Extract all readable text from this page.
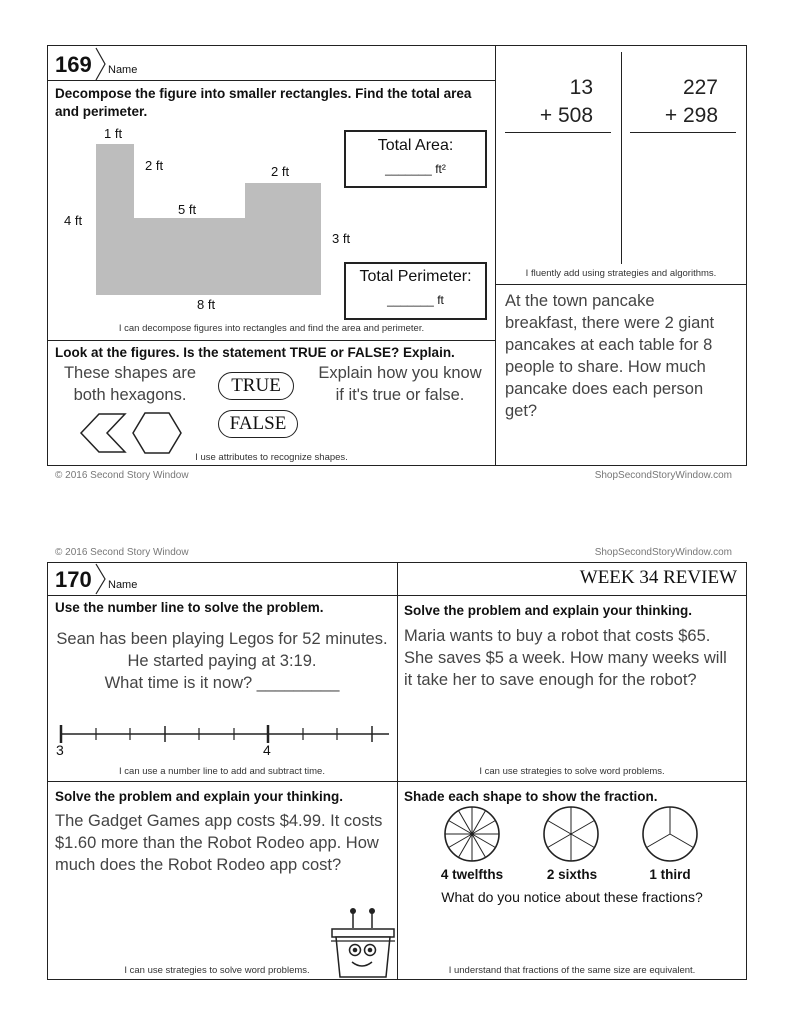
169 Name
Decompose the figure into smaller rectangles. Find the total area
and perimeter.
1 ft
2 ft	2 ft
5 ft
4 ft
3 ft
8 ft
Total Area:
_______ ft²
Total Perimeter:
_______ ft
I can decompose figures into rectangles and find the area and perimeter.
Look at the figures. Is the statement TRUE or FALSE? Explain.
These shapes are
both hexagons.	TRUE
FALSE
Explain how you know
if it's true or false.
I use attributes to recognize shapes.
13
+ 508
227
+ 298
I fluently add using strategies and algorithms.
At the town pancake
breakfast, there were 2 giant
pancakes at each table for 8
people to share. How much
pancake does each person
get?
© 2016 Second Story Window	ShopSecondStoryWindow.com
© 2016 Second Story Window	ShopSecondStoryWindow.com
170 Name	WEEK 34 REVIEW
Use the number line to solve the problem.
Sean has been playing Legos for 52 minutes.
He started paying at 3:19.
What time is it now? _________
3	4
I can use a number line to add and subtract time.
Solve the problem and explain your thinking.
Maria wants to buy a robot that costs $65.
She saves $5 a week. How many weeks will
it take her to save enough for the robot?
I can use strategies to solve word problems.
Solve the problem and explain your thinking.
The Gadget Games app costs $4.99. It costs
$1.60 more than the Robot Rodeo app. How
much does the Robot Rodeo app cost?
I can use strategies to solve word problems.
Shade each shape to show the fraction.
4 twelfths	2 sixths	1 third
What do you notice about these fractions?
I understand that fractions of the same size are equivalent.
